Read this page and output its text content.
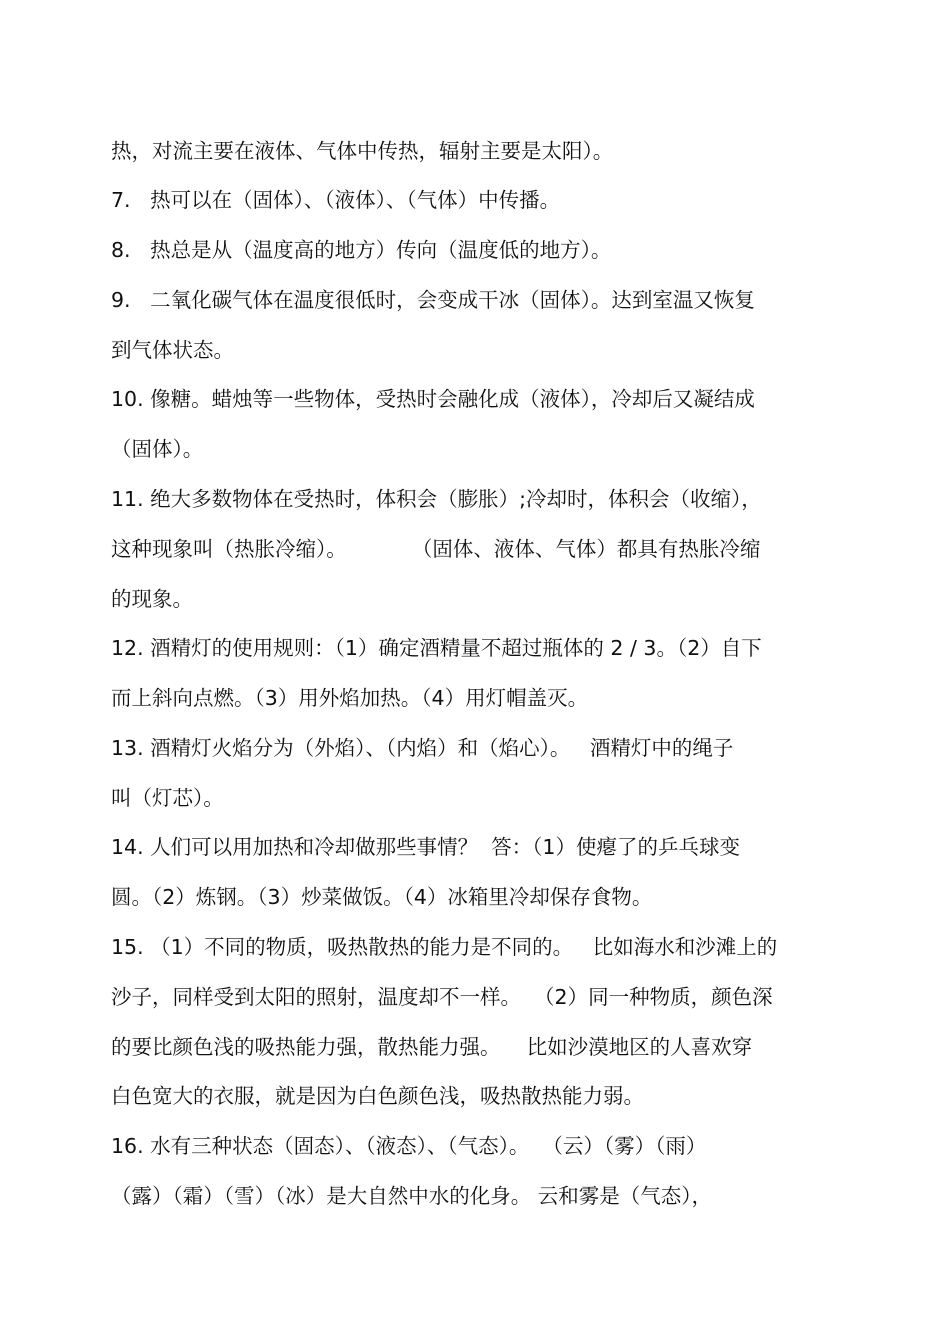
热，对流主要在液体、气体中传热，辐射主要是太阳）。
7.   热可以在（固体）、（液体）、（气体）中传播。
8.   热总是从（温度高的地方）传向（温度低的地方）。
9.   二氧化碳气体在温度很低时，会变成干冰（固体）。达到室温又恢复
到气体状态。
10. 像糖。蜡烛等一些物体，受热时会融化成（液体），冷却后又凝结成
（固体）。
11. 绝大多数物体在受热时，体积会（膨胀）;冷却时，体积会（收缩），
这种现象叫（热胀冷缩）。          （固体、液体、气体）都具有热胀冷缩
的现象。
12. 酒精灯的使用规则：（1）确定酒精量不超过瓶体的 2 / 3。（2）自下
而上斜向点燃。（3）用外焰加热。（4）用灯帽盖灭。
13. 酒精灯火焰分为（外焰）、（内焰）和（焰心）。   酒精灯中的绳子
叫（灯芯）。
14. 人们可以用加热和冷却做那些事情？  答：（1）使瘪了的乒乓球变
圆。（2）炼钢。（3）炒菜做饭。（4）冰箱里冷却保存食物。
15. （1）不同的物质，吸热散热的能力是不同的。   比如海水和沙滩上的
沙子，同样受到太阳的照射，温度却不一样。  （2）同一种物质，颜色深
的要比颜色浅的吸热能力强，散热能力强。    比如沙漠地区的人喜欢穿
白色宽大的衣服，就是因为白色颜色浅，吸热散热能力弱。
16. 水有三种状态（固态）、（液态）、（气态）。  （云）（雾）（雨）
（露）（霜）（雪）（冰）是大自然中水的化身。 云和雾是（气态），
